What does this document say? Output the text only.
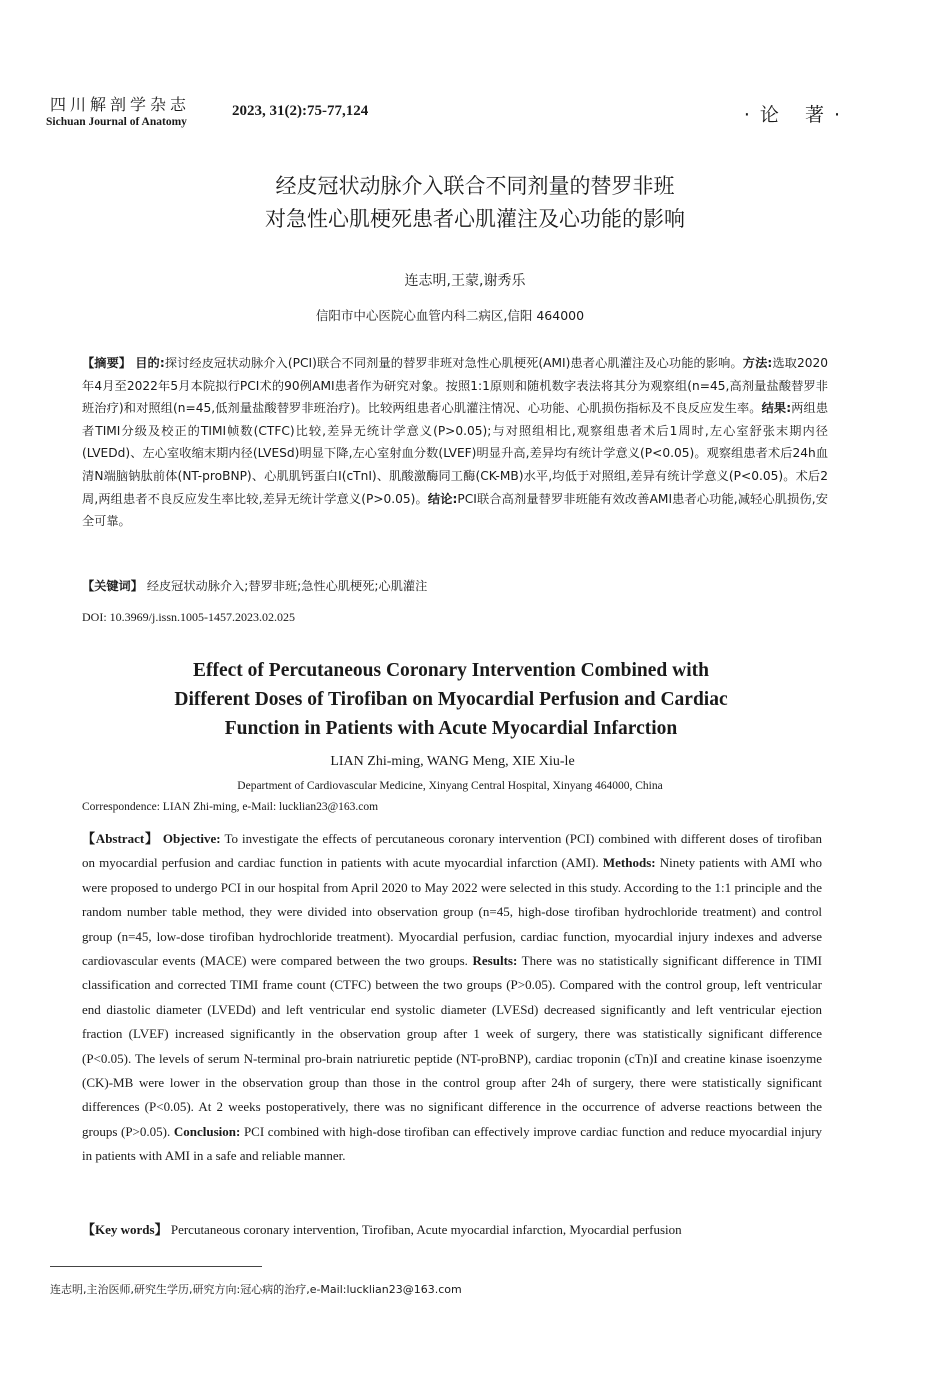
四川解剖学杂志
Sichuan Journal of Anatomy
2023, 31(2):75-77,124	·论 著·
经皮冠状动脉介入联合不同剂量的替罗非班
对急性心肌梗死患者心肌灌注及心功能的影响
连志明,王蒙,谢秀乐
信阳市中心医院心血管内科二病区,信阳 464000
【摘要】 目的:探讨经皮冠状动脉介入(PCI)联合不同剂量的替罗非班对急性心肌梗死(AMI)患者心肌灌注及心功能的影响。方法:选取2020年4月至2022年5月本院拟行PCI术的90例AMI患者作为研究对象。按照1:1原则和随机数字表法将其分为观察组(n=45,高剂量盐酸替罗非班治疗)和对照组(n=45,低剂量盐酸替罗非班治疗)。比较两组患者心肌灌注情况、心功能、心肌损伤指标及不良反应发生率。结果:两组患者TIMI分级及校正的TIMI帧数(CTFC)比较,差异无统计学意义(P>0.05);与对照组相比,观察组患者术后1周时,左心室舒张末期内径(LVEDd)、左心室收缩末期内径(LVESd)明显下降,左心室射血分数(LVEF)明显升高,差异均有统计学意义(P<0.05)。观察组患者术后24h血清N端脑钠肽前体(NT-proBNP)、心肌肌钙蛋白I(cTnI)、肌酸激酶同工酶(CK-MB)水平,均低于对照组,差异有统计学意义(P<0.05)。术后2周,两组患者不良反应发生率比较,差异无统计学意义(P>0.05)。结论:PCI联合高剂量替罗非班能有效改善AMI患者心功能,减轻心肌损伤,安全可靠。
【关键词】 经皮冠状动脉介入;替罗非班;急性心肌梗死;心肌灌注
DOI: 10.3969/j.issn.1005-1457.2023.02.025
Effect of Percutaneous Coronary Intervention Combined with
Different Doses of Tirofiban on Myocardial Perfusion and Cardiac
Function in Patients with Acute Myocardial Infarction
LIAN Zhi-ming, WANG Meng, XIE Xiu-le
Department of Cardiovascular Medicine, Xinyang Central Hospital, Xinyang 464000, China
Correspondence: LIAN Zhi-ming, e-Mail: lucklian23@163.com
【Abstract】 Objective: To investigate the effects of percutaneous coronary intervention (PCI) combined with different doses of tirofiban on myocardial perfusion and cardiac function in patients with acute myocardial infarction (AMI). Methods: Ninety patients with AMI who were proposed to undergo PCI in our hospital from April 2020 to May 2022 were selected in this study. According to the 1:1 principle and the random number table method, they were divided into observation group (n=45, high-dose tirofiban hydrochloride treatment) and control group (n=45, low-dose tirofiban hydrochloride treatment). Myocardial perfusion, cardiac function, myocardial injury indexes and adverse cardiovascular events (MACE) were compared between the two groups. Results: There was no statistically significant difference in TIMI classification and corrected TIMI frame count (CTFC) between the two groups (P>0.05). Compared with the control group, left ventricular end diastolic diameter (LVEDd) and left ventricular end systolic diameter (LVESd) decreased significantly and left ventricular ejection fraction (LVEF) increased significantly in the observation group after 1 week of surgery, there was statistically significant difference (P<0.05). The levels of serum N-terminal pro-brain natriuretic peptide (NT-proBNP), cardiac troponin (cTn)I and creatine kinase isoenzyme (CK)-MB were lower in the observation group than those in the control group after 24h of surgery, there were statistically significant differences (P<0.05). At 2 weeks postoperatively, there was no significant difference in the occurrence of adverse reactions between the groups (P>0.05). Conclusion: PCI combined with high-dose tirofiban can effectively improve cardiac function and reduce myocardial injury in patients with AMI in a safe and reliable manner.
【Key words】 Percutaneous coronary intervention, Tirofiban, Acute myocardial infarction, Myocardial perfusion
连志明,主治医师,研究生学历,研究方向:冠心病的治疗,e-Mail:lucklian23@163.com
